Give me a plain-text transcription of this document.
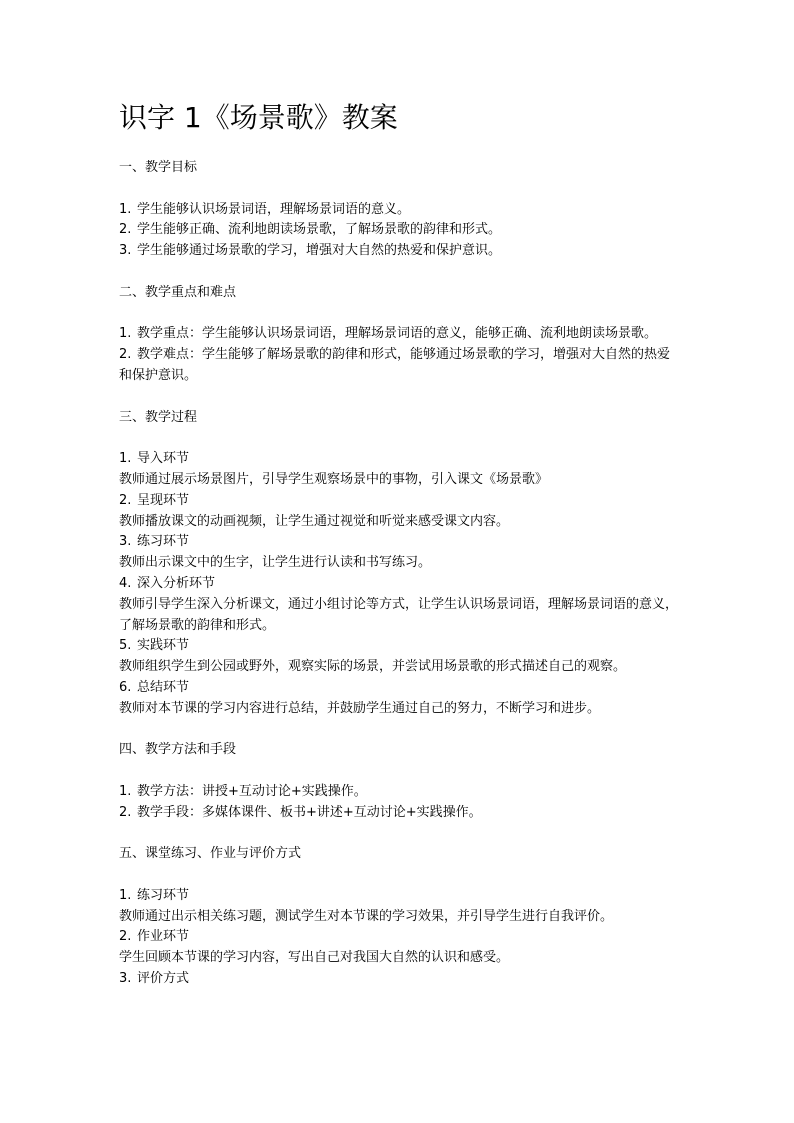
识字 1《场景歌》教案
一、教学目标
1. 学生能够认识场景词语，理解场景词语的意义。
2. 学生能够正确、流利地朗读场景歌，了解场景歌的韵律和形式。
3. 学生能够通过场景歌的学习，增强对大自然的热爱和保护意识。
二、教学重点和难点
1. 教学重点：学生能够认识场景词语，理解场景词语的意义，能够正确、流利地朗读场景歌。
2. 教学难点：学生能够了解场景歌的韵律和形式，能够通过场景歌的学习，增强对大自然的热爱和保护意识。
三、教学过程
1. 导入环节
教师通过展示场景图片，引导学生观察场景中的事物，引入课文《场景歌》
2. 呈现环节
教师播放课文的动画视频，让学生通过视觉和听觉来感受课文内容。
3. 练习环节
教师出示课文中的生字，让学生进行认读和书写练习。
4. 深入分析环节
教师引导学生深入分析课文，通过小组讨论等方式，让学生认识场景词语，理解场景词语的意义，了解场景歌的韵律和形式。
5. 实践环节
教师组织学生到公园或野外，观察实际的场景，并尝试用场景歌的形式描述自己的观察。
6. 总结环节
教师对本节课的学习内容进行总结，并鼓励学生通过自己的努力，不断学习和进步。
四、教学方法和手段
1. 教学方法：讲授+互动讨论+实践操作。
2. 教学手段：多媒体课件、板书+讲述+互动讨论+实践操作。
五、课堂练习、作业与评价方式
1. 练习环节
教师通过出示相关练习题，测试学生对本节课的学习效果，并引导学生进行自我评价。
2. 作业环节
学生回顾本节课的学习内容，写出自己对我国大自然的认识和感受。
3. 评价方式
